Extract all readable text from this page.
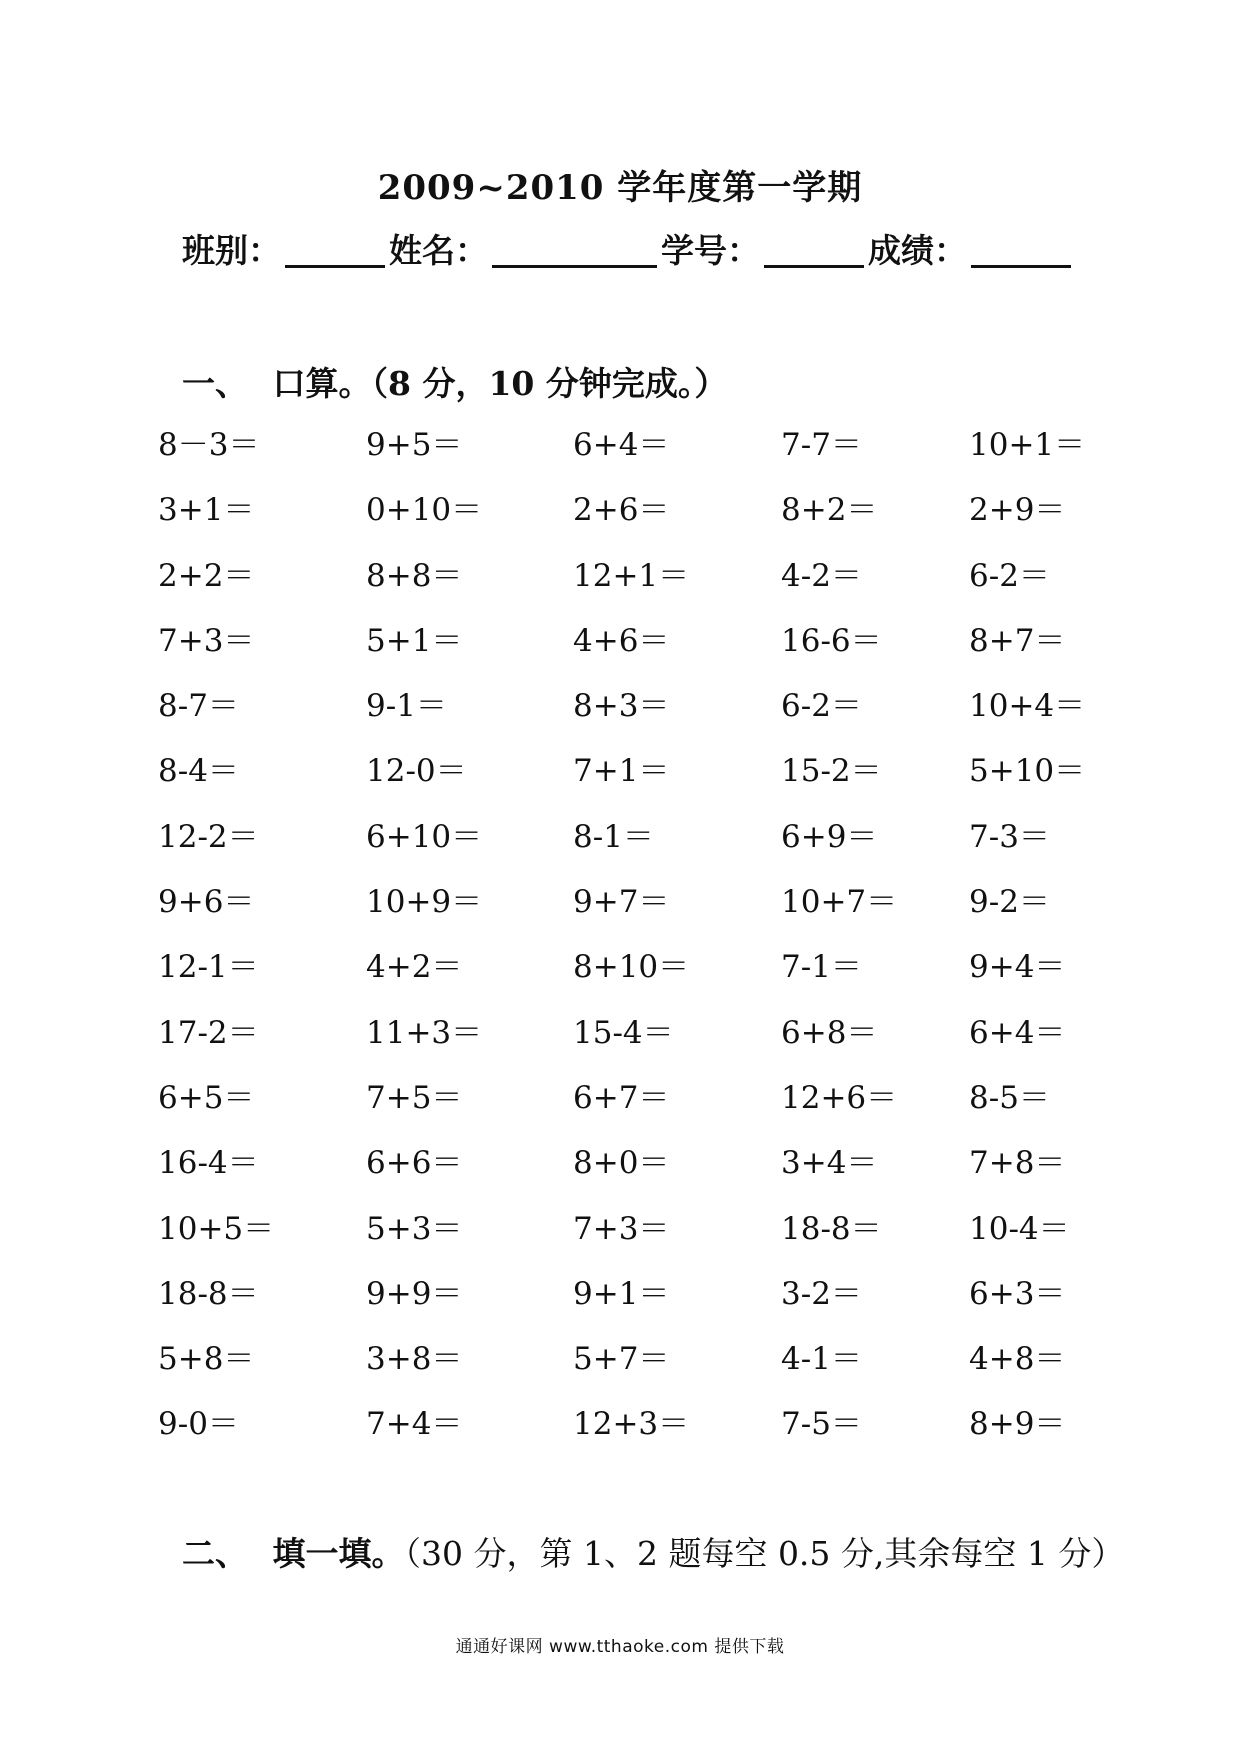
2009~2010 学年度第一学期
班别：	姓名：	学号：	成绩：
一、 口算。（8 分，10 分钟完成。）
8－3＝	9+5＝	6+4＝	7-7＝	10+1＝
3+1＝	0+10＝	2+6＝	8+2＝	2+9＝
2+2＝	8+8＝	12+1＝	4-2＝	6-2＝
7+3＝	5+1＝	4+6＝	16-6＝	8+7＝
8-7＝	9-1＝	8+3＝	6-2＝	10+4＝
8-4＝	12-0＝	7+1＝	15-2＝	5+10＝
12-2＝	6+10＝	8-1＝	6+9＝	7-3＝
9+6＝	10+9＝	9+7＝	10+7＝	9-2＝
12-1＝	4+2＝	8+10＝	7-1＝	9+4＝
17-2＝	11+3＝	15-4＝	6+8＝	6+4＝
6+5＝	7+5＝	6+7＝	12+6＝	8-5＝
16-4＝	6+6＝	8+0＝	3+4＝	7+8＝
10+5＝	5+3＝	7+3＝	18-8＝	10-4＝
18-8＝	9+9＝	9+1＝	3-2＝	6+3＝
5+8＝	3+8＝	5+7＝	4-1＝	4+8＝
9-0＝	7+4＝	12+3＝	7-5＝	8+9＝
二、 填一填。（30 分，第 1、2 题每空 0.5 分,其余每空 1 分）
通通好课网 www.tthaoke.com 提供下载
